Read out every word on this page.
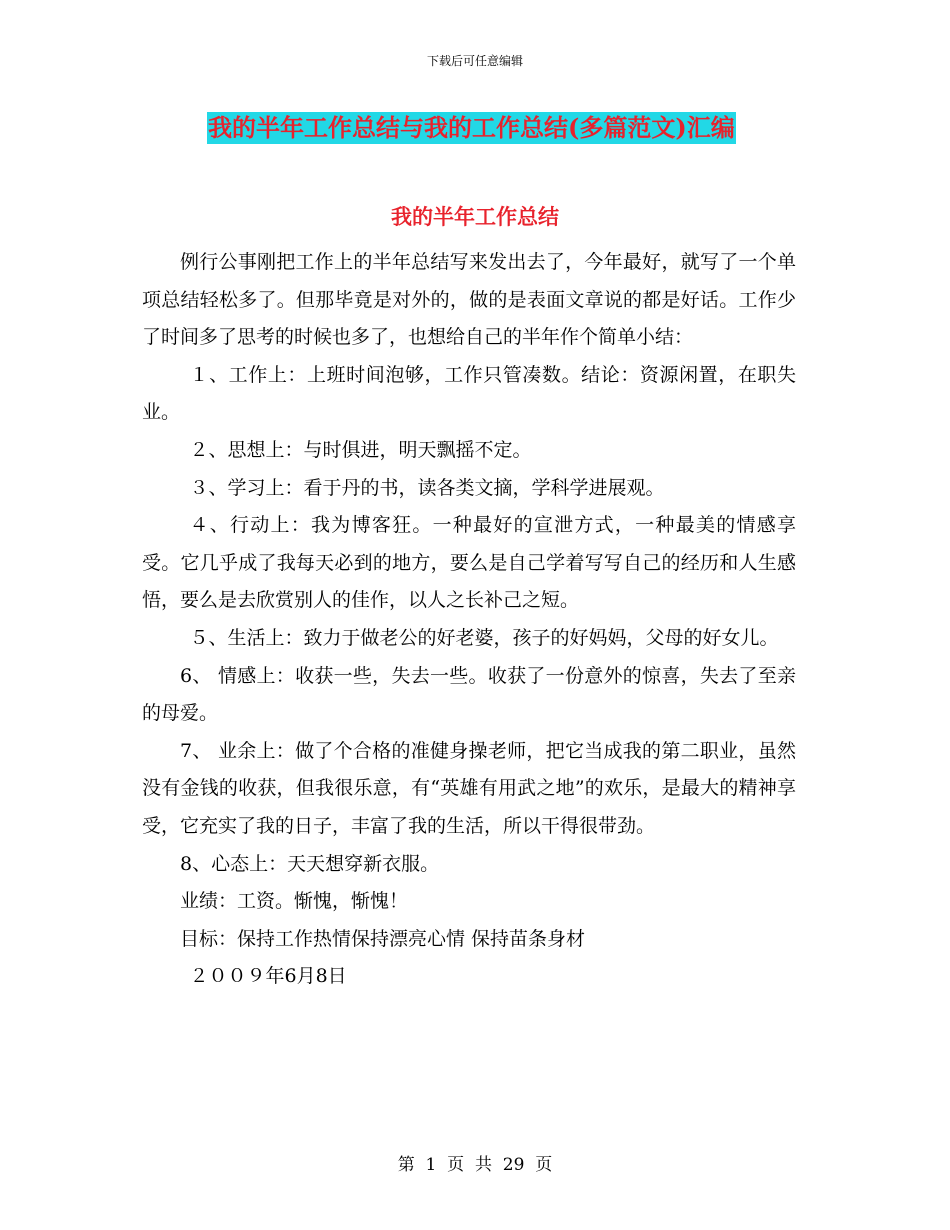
下载后可任意编辑
我的半年工作总结与我的工作总结(多篇范文)汇编
我的半年工作总结

例行公事刚把工作上的半年总结写来发出去了，今年最好，就写了一个单项总结轻松多了。但那毕竟是对外的，做的是表面文章说的都是好话。工作少了时间多了思考的时候也多了，也想给自己的半年作个简单小结：

１、工作上：上班时间泡够，工作只管凑数。结论：资源闲置，在职失业。

２、思想上：与时俱进，明天飘摇不定。

３、学习上：看于丹的书，读各类文摘，学科学进展观。

４、行动上：我为博客狂。一种最好的宣泄方式，一种最美的情感享受。它几乎成了我每天必到的地方，要么是自己学着写写自己的经历和人生感悟，要么是去欣赏别人的佳作，以人之长补己之短。

５、生活上：致力于做老公的好老婆，孩子的好妈妈，父母的好女儿。

6、 情感上：收获一些，失去一些。收获了一份意外的惊喜，失去了至亲的母爱。

7、 业余上：做了个合格的准健身操老师，把它当成我的第二职业，虽然没有金钱的收获，但我很乐意，有“英雄有用武之地”的欢乐，是最大的精神享受，它充实了我的日子，丰富了我的生活，所以干得很带劲。

8、心态上：天天想穿新衣服。

业绩：工资。惭愧，惭愧！

目标：保持工作热情保持漂亮心情 保持苗条身材

２００９年6月8日

第  1  页  共  29  页
